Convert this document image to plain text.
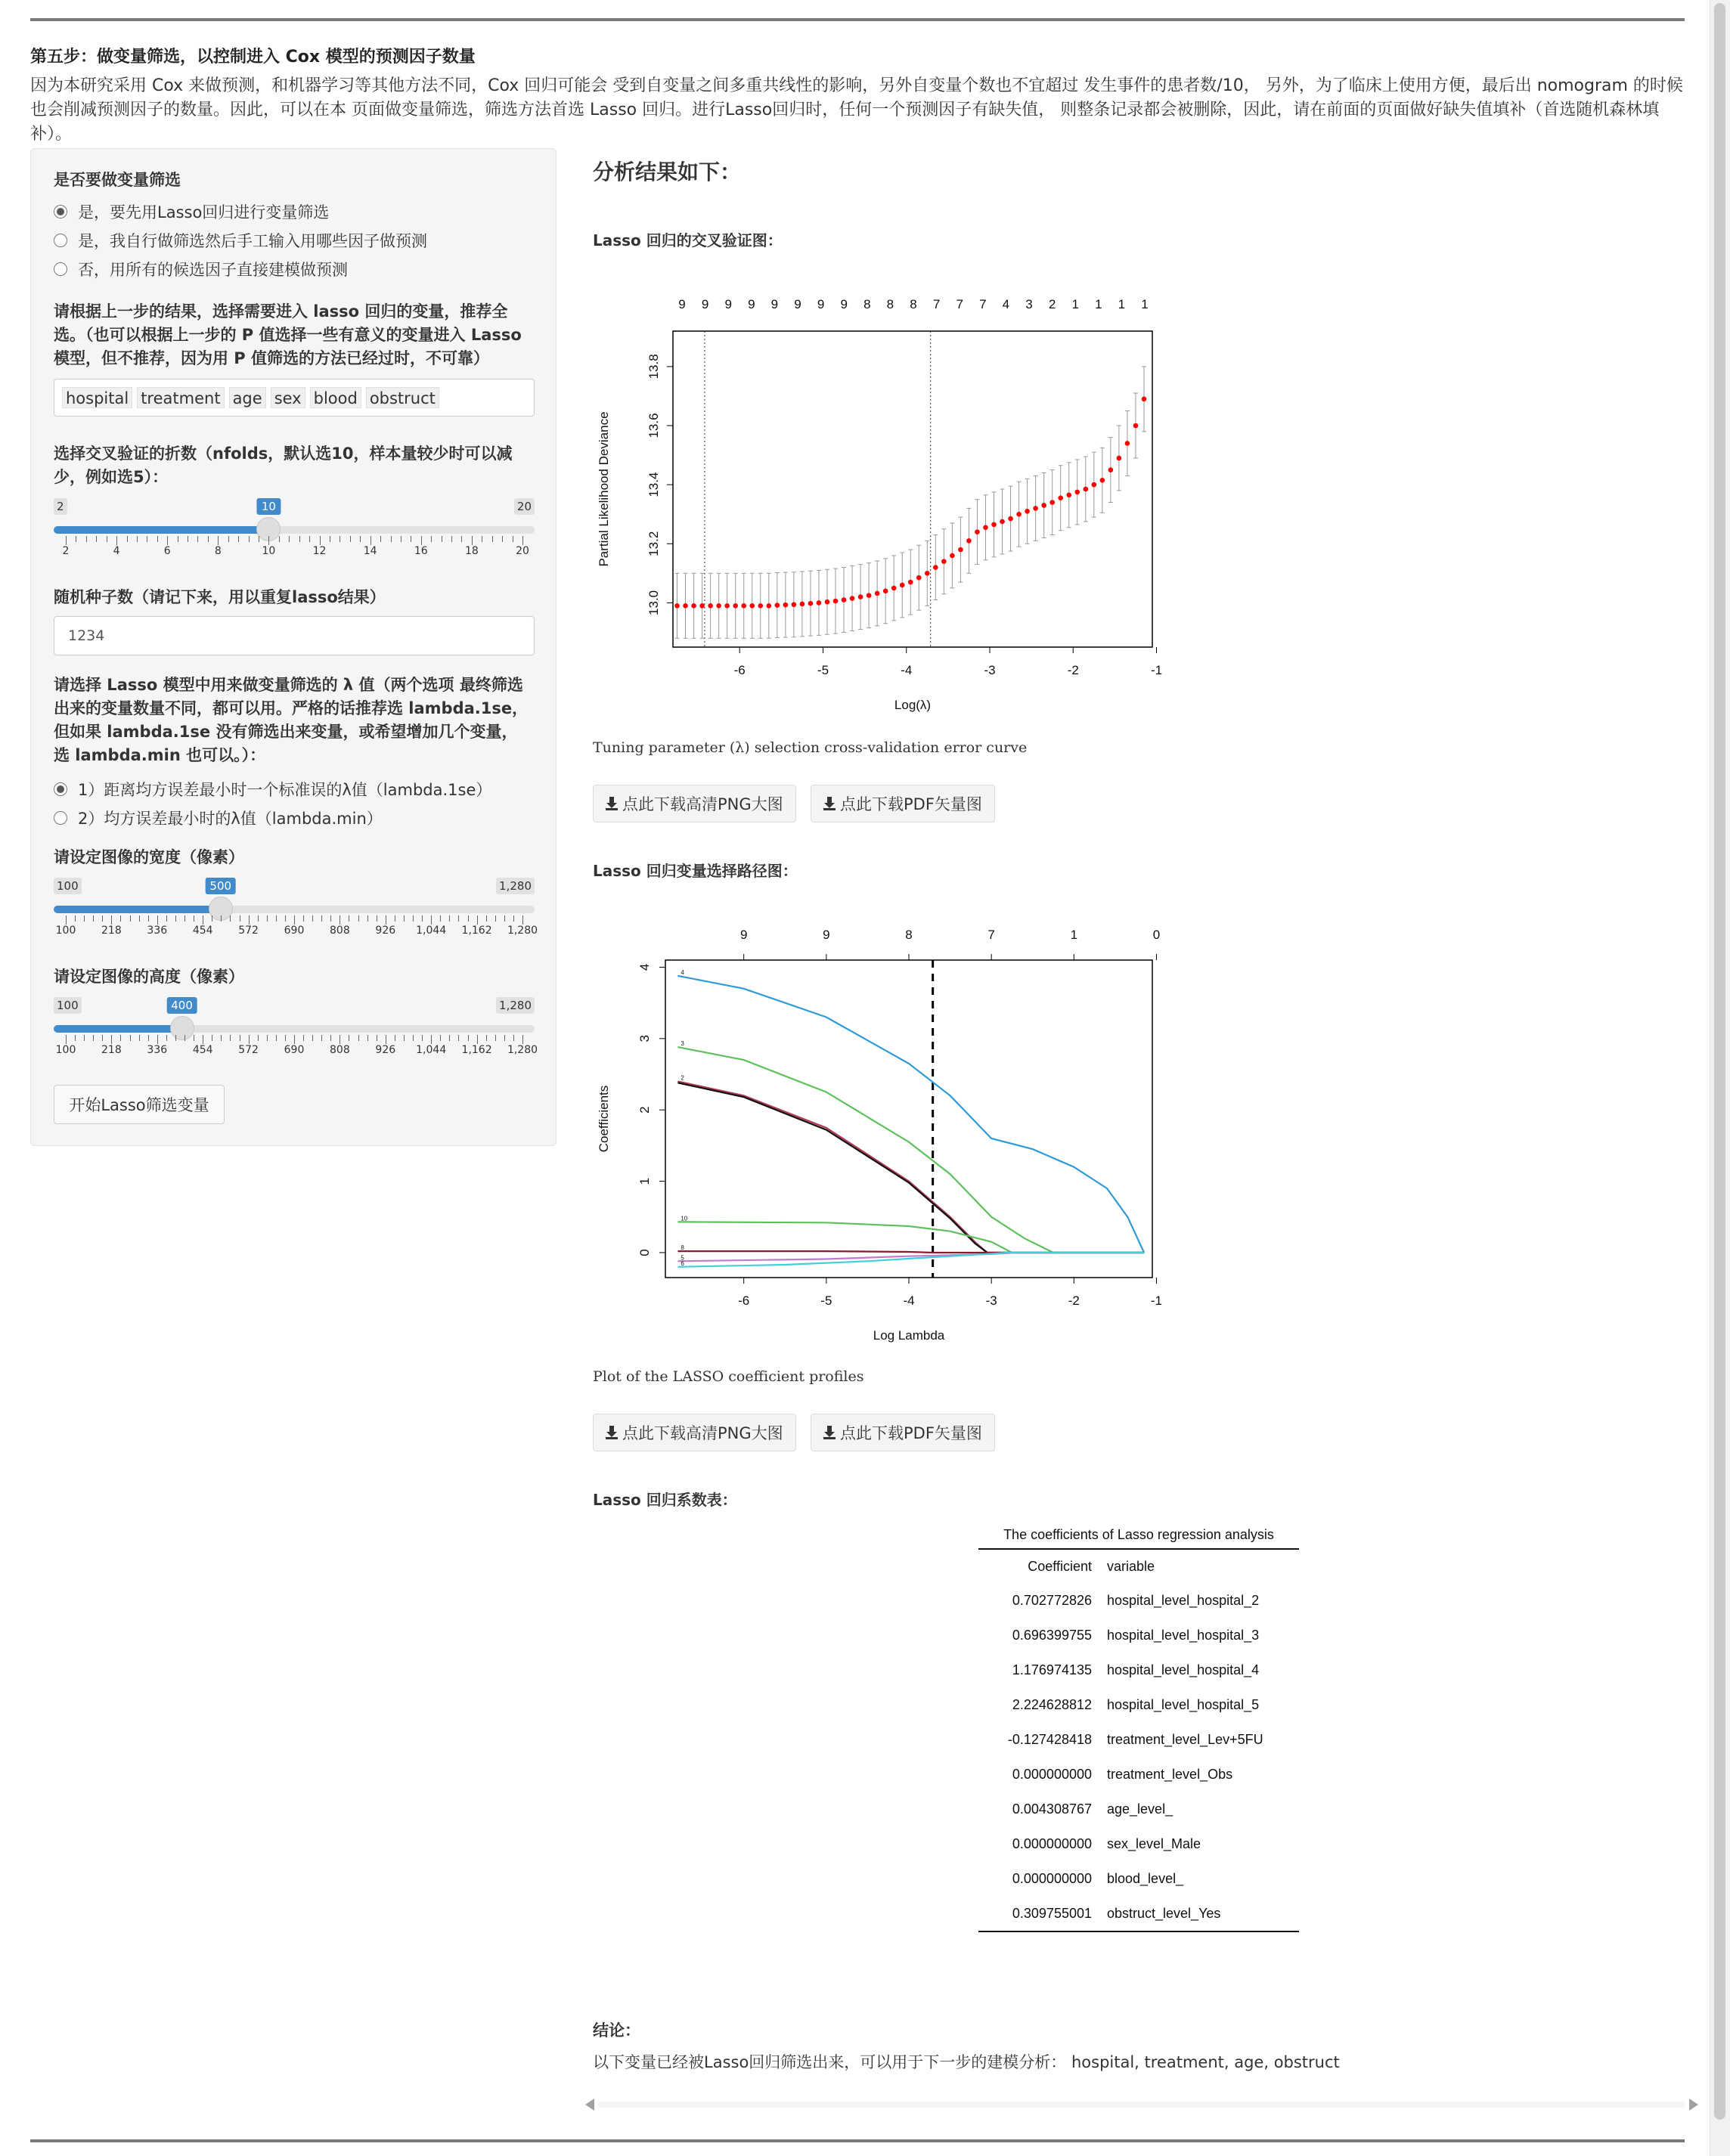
第五步：做变量筛选，以控制进入 Cox 模型的预测因子数量
因为本研究采用 Cox 来做预测，和机器学习等其他方法不同，Cox 回归可能会 受到自变量之间多重共线性的影响，另外自变量个数也不宜超过 发生事件的患者数/10， 另外，为了临床上使用方便，最后出 nomogram 的时候也会削减预测因子的数量。因此，可以在本 页面做变量筛选，筛选方法首选 Lasso 回归。进行Lasso回归时，任何一个预测因子有缺失值， 则整条记录都会被删除，因此，请在前面的页面做好缺失值填补（首选随机森林填补）。
是否要做变量筛选
是，要先用Lasso回归进行变量筛选
是，我自行做筛选然后手工输入用哪些因子做预测
否，用所有的候选因子直接建模做预测
请根据上一步的结果，选择需要进入 lasso 回归的变量，推荐全选。（也可以根据上一步的 P 值选择一些有意义的变量进入 Lasso 模型，但不推荐，因为用 P 值筛选的方法已经过时，不可靠）
hospital treatment age sex blood obstruct
选择交叉验证的折数（nfolds，默认选10，样本量较少时可以减少，例如选5）：
2	20
10
2	4	6	8	10	12	14	16	18	20
随机种子数（请记下来，用以重复lasso结果）
1234
请选择 Lasso 模型中用来做变量筛选的 λ 值（两个选项 最终筛选出来的变量数量不同，都可以用。严格的话推荐选 lambda.1se，但如果 lambda.1se 没有筛选出来变量，或希望增加几个变量， 选 lambda.min 也可以。）：
1）距离均方误差最小时一个标准误的λ值（lambda.1se）
2）均方误差最小时的λ值（lambda.min）
请设定图像的宽度（像素）
100	1,280
500
100 218 336 454 572 690 808 926 1,044 1,162 1,280
请设定图像的高度（像素）
100	1,280
400
100 218 336 454 572 690 808 926 1,044 1,162 1,280
开始Lasso筛选变量
分析结果如下：
Lasso 回归的交叉验证图：
-6	-5	-4	-3	-2	-1
13.0
13.2
13.4
13.6
13.8
Log(λ)
Partial Likelihood Deviance
9 9 9 9 9 9 9 9 8 8 8 7 7 7 4 3 2 1 1 1 1
Tuning parameter (λ) selection cross-validation error curve
点此下载高清PNG大图	点此下载PDF矢量图
Lasso 回归变量选择路径图：
-6	-5	-4	-3	-2	-1
0
1
2
3
4
9	9	8	7	1	0
Log Lambda
Coefficients
4
3
2
10
8
5
6
Plot of the LASSO coefficient profiles
点此下载高清PNG大图	点此下载PDF矢量图
Lasso 回归系数表：
The coefficients of Lasso regression analysis
Coefficient	variable
0.702772826	hospital_level_hospital_2
0.696399755	hospital_level_hospital_3
1.176974135	hospital_level_hospital_4
2.224628812	hospital_level_hospital_5
-0.127428418	treatment_level_Lev+5FU
0.000000000	treatment_level_Obs
0.004308767	age_level_
0.000000000	sex_level_Male
0.000000000	blood_level_
0.309755001	obstruct_level_Yes
结论：
以下变量已经被Lasso回归筛选出来，可以用于下一步的建模分析： hospital, treatment, age, obstruct
